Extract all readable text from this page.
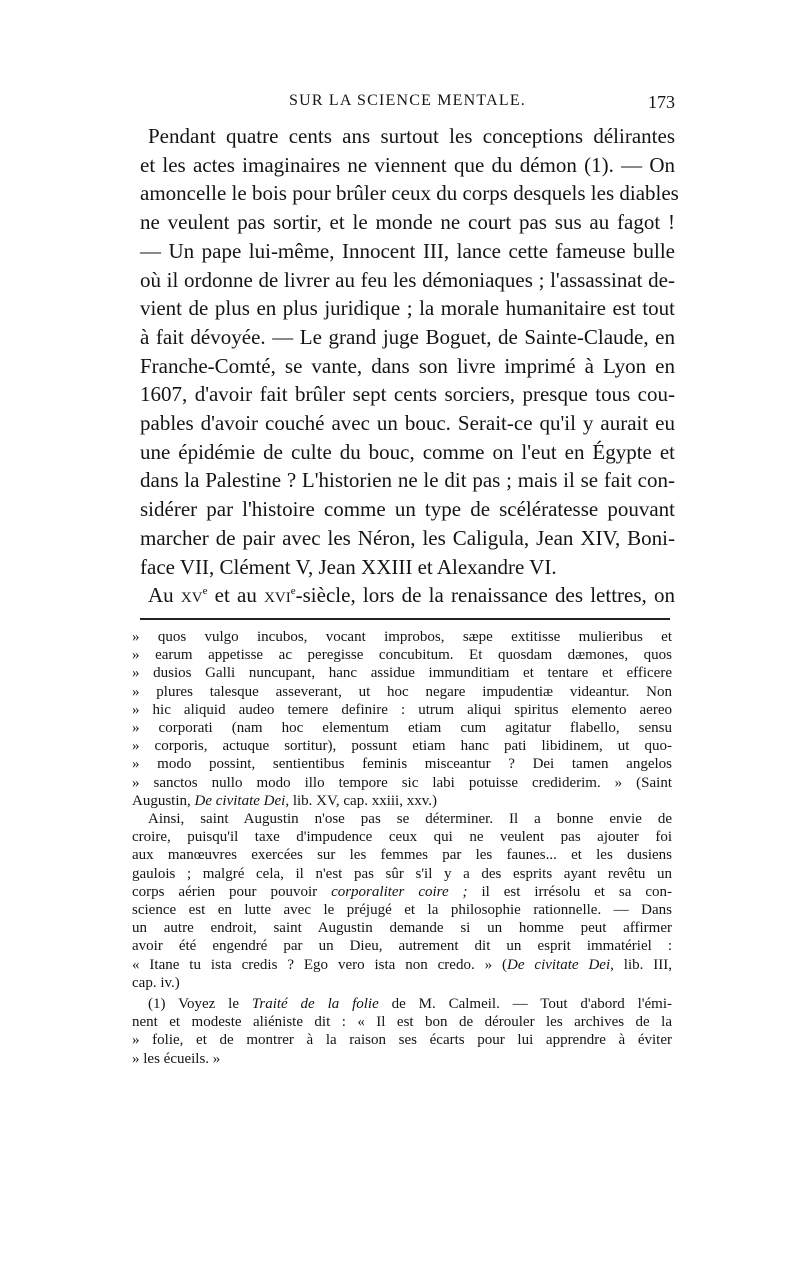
SUR LA SCIENCE MENTALE.	173
Pendant quatre cents ans surtout les conceptions délirantes
et les actes imaginaires ne viennent que du démon (1). — On
amoncelle le bois pour brûler ceux du corps desquels les diables
ne veulent pas sortir, et le monde ne court pas sus au fagot !
— Un pape lui-même, Innocent III, lance cette fameuse bulle
où il ordonne de livrer au feu les démoniaques ; l'assassinat de-
vient de plus en plus juridique ; la morale humanitaire est tout
à fait dévoyée. — Le grand juge Boguet, de Sainte-Claude, en
Franche-Comté, se vante, dans son livre imprimé à Lyon en
1607, d'avoir fait brûler sept cents sorciers, presque tous cou-
pables d'avoir couché avec un bouc. Serait-ce qu'il y aurait eu
une épidémie de culte du bouc, comme on l'eut en Égypte et
dans la Palestine ? L'historien ne le dit pas ; mais il se fait con-
sidérer par l'histoire comme un type de scélératesse pouvant
marcher de pair avec les Néron, les Caligula, Jean XIV, Boni-
face VII, Clément V, Jean XXIII et Alexandre VI.
Au $xv^e$ et au xvi$^e$-siècle, lors de la renaissance des lettres, on
» quos vulgo incubos, vocant improbos, sæpe extitisse mulieribus et
» earum appetisse ac peregisse concubitum. Et quosdam dæmones, quos
» dusios Galli nuncupant, hanc assidue immunditiam et tentare et efficere
» plures talesque asseverant, ut hoc negare impudentiæ videantur. Non
» hic aliquid audeo temere definire : utrum aliqui spiritus elemento aereo
» corporati (nam hoc elementum etiam cum agitatur flabello, sensu
» corporis, actuque sortitur), possunt etiam hanc pati libidinem, ut quo-
» modo possint, sentientibus feminis misceantur ? Dei tamen angelos
» sanctos nullo modo illo tempore sic labi potuisse crediderim. » (Saint
Augustin, De civitate Dei, lib. XV, cap. xxiii, xxv.)
Ainsi, saint Augustin n'ose pas se déterminer. Il a bonne envie de
croire, puisqu'il taxe d'impudence ceux qui ne veulent pas ajouter foi
aux manœuvres exercées sur les femmes par les faunes... et les dusiens
gaulois ; malgré cela, il n'est pas sûr s'il y a des esprits ayant revêtu un
corps aérien pour pouvoir corporaliter coire ; il est irrésolu et sa con-
science est en lutte avec le préjugé et la philosophie rationnelle. — Dans
un autre endroit, saint Augustin demande si un homme peut affirmer
avoir été engendré par un Dieu, autrement dit un esprit immatériel :
« Itane tu ista credis ? Ego vero ista non credo. » (De civitate Dei, lib. III,
cap. iv.)
(1) Voyez le Traité de la folie de M. Calmeil. — Tout d'abord l'émi-
nent et modeste aliéniste dit : « Il est bon de dérouler les archives de la
» folie, et de montrer à la raison ses écarts pour lui apprendre à éviter
» les écueils. »
